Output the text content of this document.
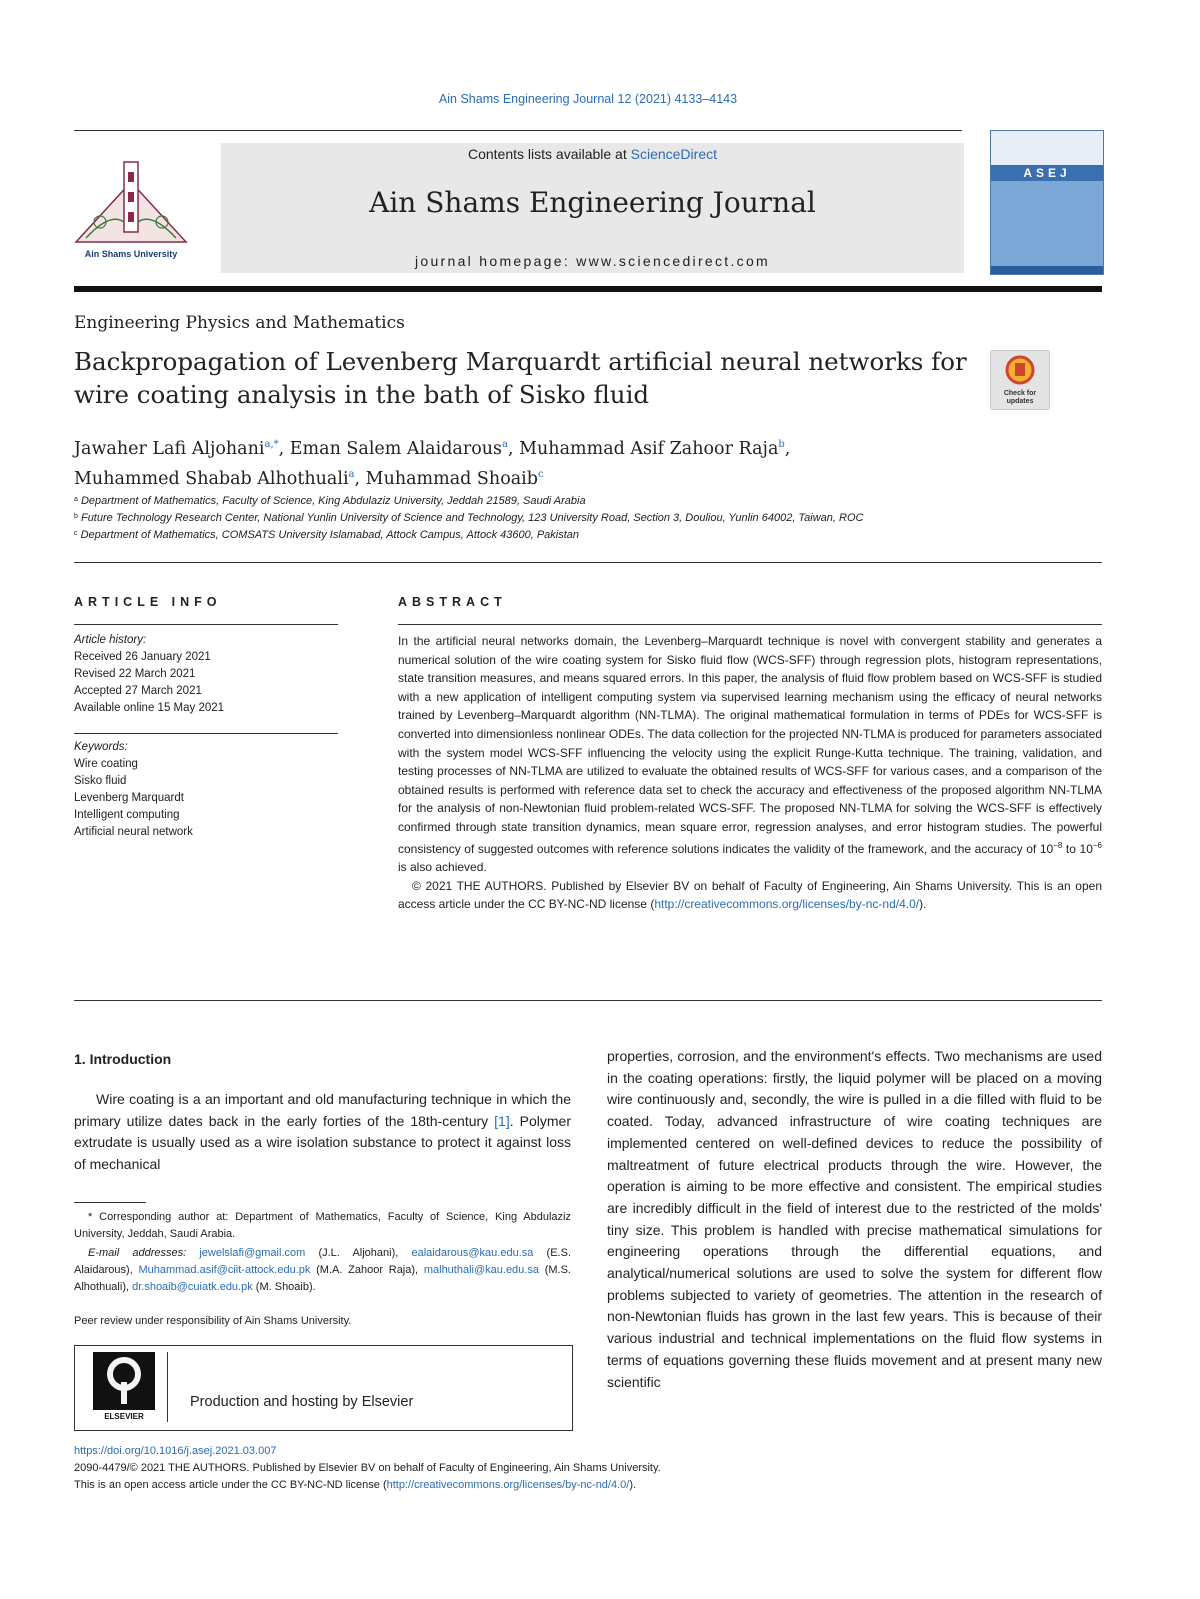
Ain Shams Engineering Journal 12 (2021) 4133–4143
Ain Shams University
Contents lists available at ScienceDirect
Ain Shams Engineering Journal
journal homepage: www.sciencedirect.com
ASEJ
Engineering Physics and Mathematics
Backpropagation of Levenberg Marquardt artificial neural networks for
wire coating analysis in the bath of Sisko fluid	Check for updates
Jawaher Lafi Aljohani$^{a,*}$, Eman Salem Alaidarous$^a$, Muhammad Asif Zahoor Raja$^b$,
Muhammed Shabab Alhothuali$^a$, Muhammad Shoaib$^c$
$^a$ Department of Mathematics, Faculty of Science, King Abdulaziz University, Jeddah 21589, Saudi Arabia
$^b$ Future Technology Research Center, National Yunlin University of Science and Technology, 123 University Road, Section 3, Douliou, Yunlin 64002, Taiwan, ROC
$^c$ Department of Mathematics, COMSATS University Islamabad, Attock Campus, Attock 43600, Pakistan
ARTICLE INFO
Article history:
Received 26 January 2021
Revised 22 March 2021
Accepted 27 March 2021
Available online 15 May 2021
Keywords:
Wire coating
Sisko fluid
Levenberg Marquardt
Intelligent computing
Artificial neural network
ABSTRACT

In the artificial neural networks domain, the Levenberg–Marquardt technique is novel with convergent stability and generates a numerical solution of the wire coating system for Sisko fluid flow (WCS-SFF) through regression plots, histogram representations, state transition measures, and means squared errors. In this paper, the analysis of fluid flow problem based on WCS-SFF is studied with a new application of intelligent computing system via supervised learning mechanism using the efficacy of neural networks trained by Levenberg–Marquardt algorithm (NN-TLMA). The original mathematical formulation in terms of PDEs for WCS-SFF is converted into dimensionless nonlinear ODEs. The data collection for the projected NN-TLMA is produced for parameters associated with the system model WCS-SFF influencing the velocity using the explicit Runge-Kutta technique. The training, validation, and testing processes of NN-TLMA are utilized to evaluate the obtained results of WCS-SFF for various cases, and a comparison of the obtained results is performed with reference data set to check the accuracy and effectiveness of the proposed algorithm NN-TLMA for the analysis of non-Newtonian fluid problem-related WCS-SFF. The proposed NN-TLMA for solving the WCS-SFF is effectively confirmed through state transition dynamics, mean square error, regression analyses, and error histogram studies. The powerful consistency of suggested outcomes with reference solutions indicates the validity of the framework, and the accuracy of $10^{-8}$ to $10^{-6}$ is also achieved.

© 2021 THE AUTHORS. Published by Elsevier BV on behalf of Faculty of Engineering, Ain Shams University. This is an open access article under the CC BY-NC-ND license (http://creativecommons.org/licenses/by-nc-nd/4.0/).

1. Introduction

Wire coating is a an important and old manufacturing technique in which the primary utilize dates back in the early forties of the 18th-century [1]. Polymer extrudate is usually used as a wire isolation substance to protect it against loss of mechanical

properties, corrosion, and the environment's effects. Two mechanisms are used in the coating operations: firstly, the liquid polymer will be placed on a moving wire continuously and, secondly, the wire is pulled in a die filled with fluid to be coated. Today, advanced infrastructure of wire coating techniques are implemented centered on well-defined devices to reduce the possibility of maltreatment of future electrical products through the wire. However, the operation is aiming to be more effective and consistent. The empirical studies are incredibly difficult in the field of interest due to the restricted of the molds' tiny size. This problem is handled with precise mathematical simulations for engineering operations through the differential equations, and analytical/numerical solutions are used to solve the system for different flow problems subjected to variety of geometries. The attention in the research of non-Newtonian fluids has grown in the last few years. This is because of their various industrial and technical implementations on the fluid flow systems in terms of equations governing these fluids movement and at present many new scientific

* Corresponding author at: Department of Mathematics, Faculty of Science, King Abdulaziz University, Jeddah, Saudi Arabia.

E-mail addresses: jewelslafi@gmail.com (J.L. Aljohani), ealaidarous@kau.edu.sa (E.S. Alaidarous), Muhammad.asif@ciit-attock.edu.pk (M.A. Zahoor Raja), malhuthali@kau.edu.sa (M.S. Alhothuali), dr.shoaib@cuiatk.edu.pk (M. Shoaib).

Peer review under responsibility of Ain Shams University.
ELSEVIER
Production and hosting by Elsevier
https://doi.org/10.1016/j.asej.2021.03.007
2090-4479/© 2021 THE AUTHORS. Published by Elsevier BV on behalf of Faculty of Engineering, Ain Shams University.
This is an open access article under the CC BY-NC-ND license (http://creativecommons.org/licenses/by-nc-nd/4.0/).
